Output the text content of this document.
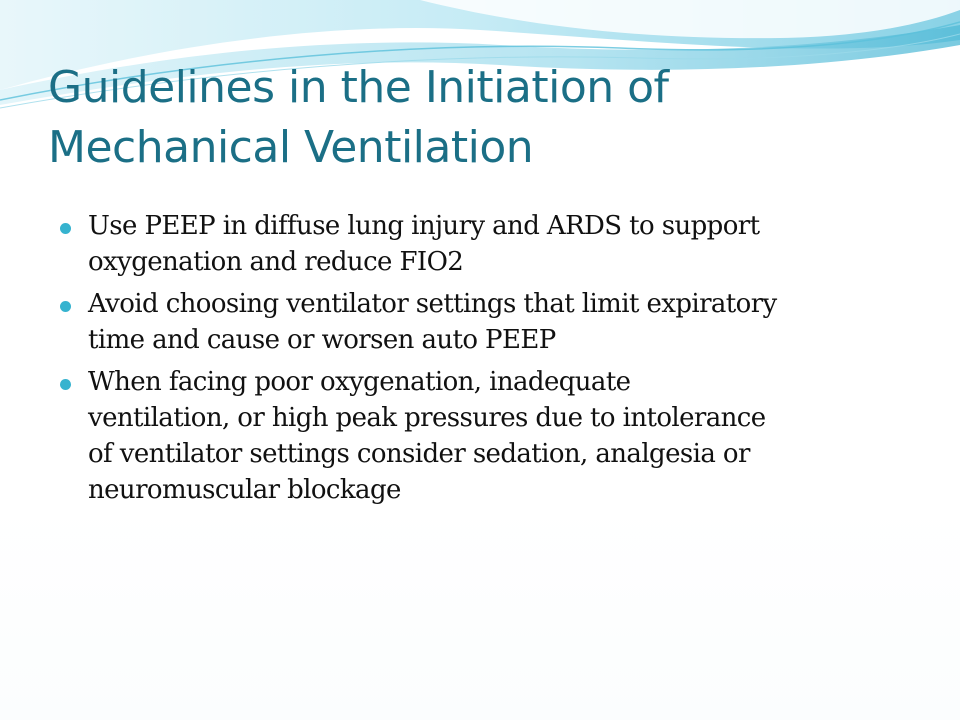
Guidelines in the Initiation of
Mechanical Ventilation
Use PEEP in diffuse lung injury and ARDS to support
oxygenation and reduce FIO2
Avoid choosing ventilator settings that limit expiratory
time and cause or worsen auto PEEP
When facing poor oxygenation, inadequate
ventilation, or high peak pressures due to intolerance
of ventilator settings consider sedation, analgesia or
neuromuscular blockage
